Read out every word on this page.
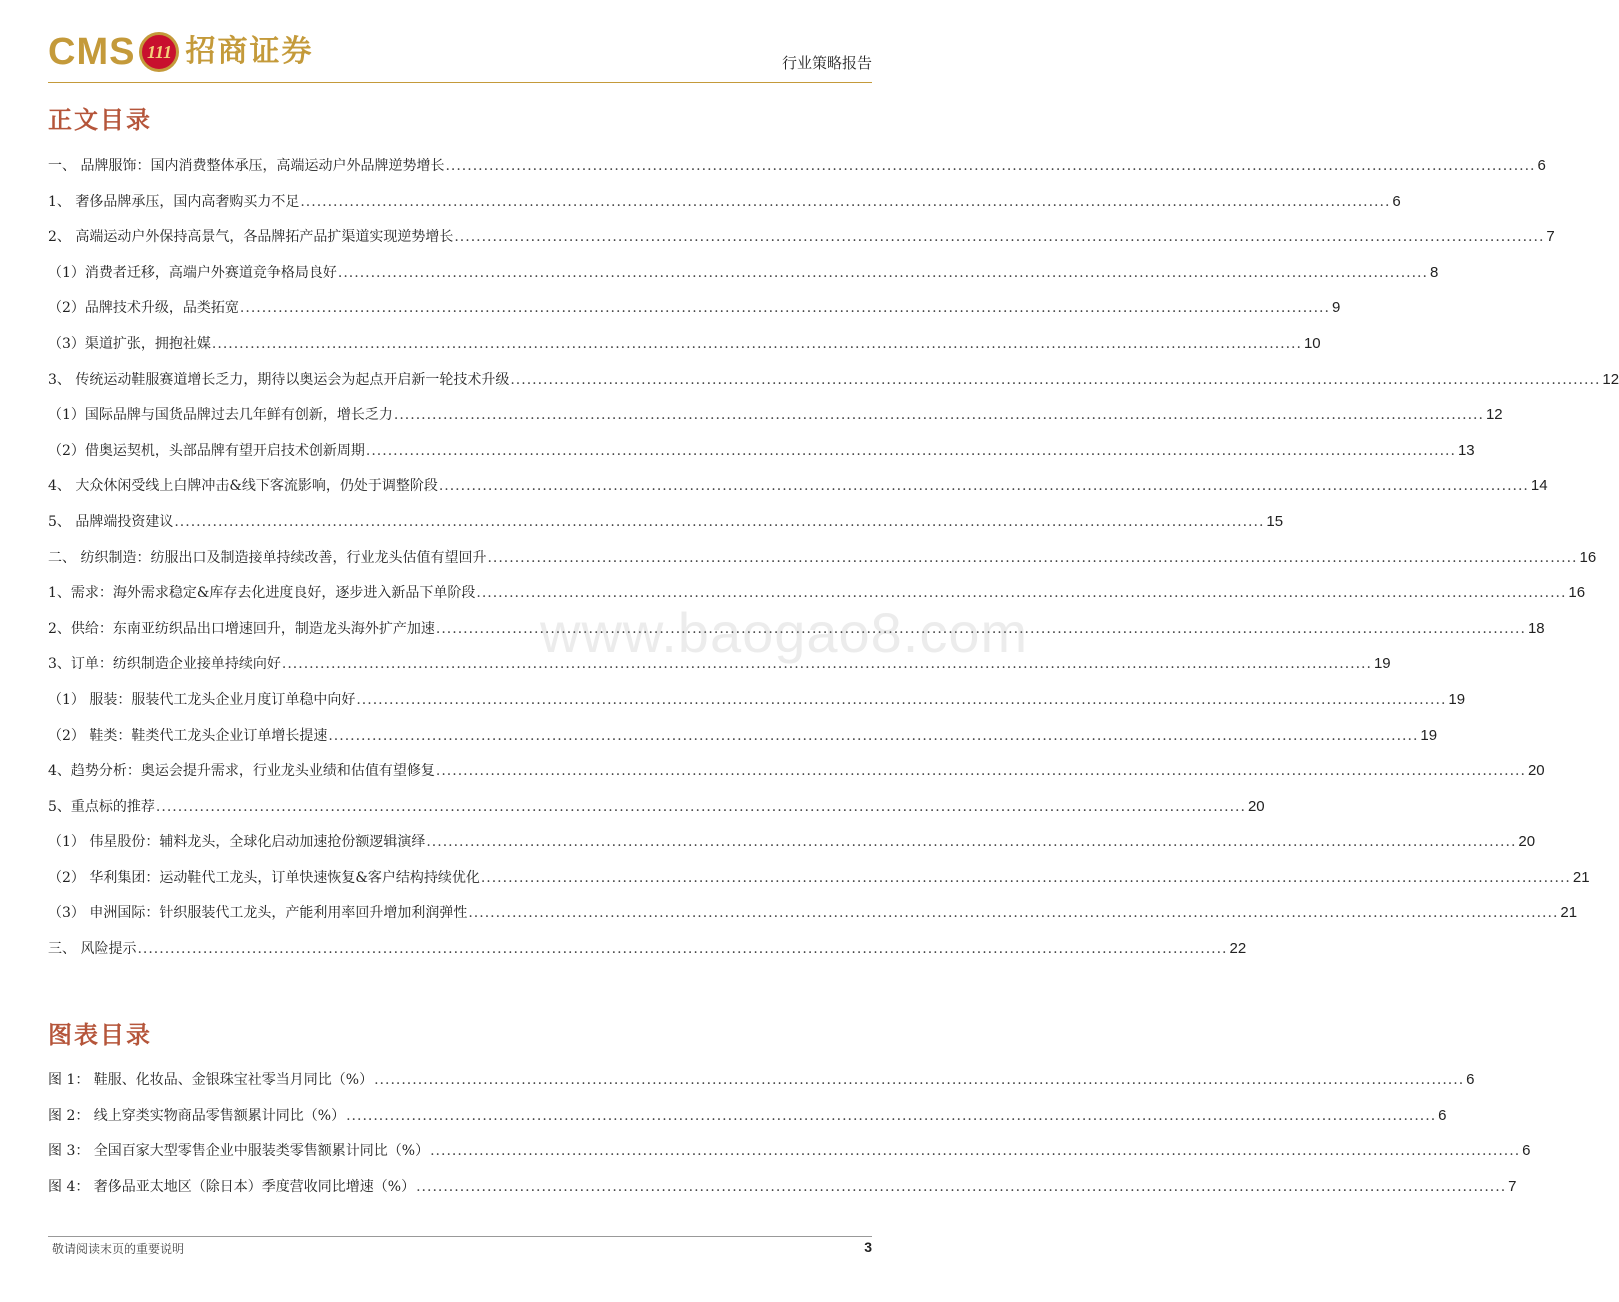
CMS 111 招商证券	行业策略报告
正文目录
一、 品牌服饰：国内消费整体承压，高端运动户外品牌逆势增长 .....	6
1、 奢侈品牌承压，国内高奢购买力不足 .....	6
2、 高端运动户外保持高景气，各品牌拓产品扩渠道实现逆势增长 .....	7
（1）消费者迁移，高端户外赛道竞争格局良好 .....	8
（2）品牌技术升级，品类拓宽 .....	9
（3）渠道扩张，拥抱社媒 .....	10
3、 传统运动鞋服赛道增长乏力，期待以奥运会为起点开启新一轮技术升级 .....	12
（1）国际品牌与国货品牌过去几年鲜有创新，增长乏力 .....	12
（2）借奥运契机，头部品牌有望开启技术创新周期 .....	13
4、 大众休闲受线上白牌冲击&线下客流影响，仍处于调整阶段 .....	14
5、 品牌端投资建议 .....	15
二、 纺织制造：纺服出口及制造接单持续改善，行业龙头估值有望回升 .....	16
1、需求：海外需求稳定&库存去化进度良好，逐步进入新品下单阶段 .....	16
2、供给：东南亚纺织品出口增速回升，制造龙头海外扩产加速 .....	18
3、订单：纺织制造企业接单持续向好 .....	19
（1） 服装：服装代工龙头企业月度订单稳中向好 .....	19
（2） 鞋类：鞋类代工龙头企业订单增长提速 .....	19
4、趋势分析：奥运会提升需求，行业龙头业绩和估值有望修复 .....	20
5、重点标的推荐 .....	20
（1） 伟星股份：辅料龙头，全球化启动加速抢份额逻辑演绎 .....	20
（2） 华利集团：运动鞋代工龙头，订单快速恢复&客户结构持续优化 .....	21
（3） 申洲国际：针织服装代工龙头，产能利用率回升增加利润弹性 .....	21
三、 风险提示 .....	22
图表目录
图 1： 鞋服、化妆品、金银珠宝社零当月同比（%） .....	6
图 2： 线上穿类实物商品零售额累计同比（%） .....	6
图 3： 全国百家大型零售企业中服装类零售额累计同比（%） .....	6
图 4： 奢侈品亚太地区（除日本）季度营收同比增速（%） .....	7
www.baogao8.com
敬请阅读末页的重要说明	3
